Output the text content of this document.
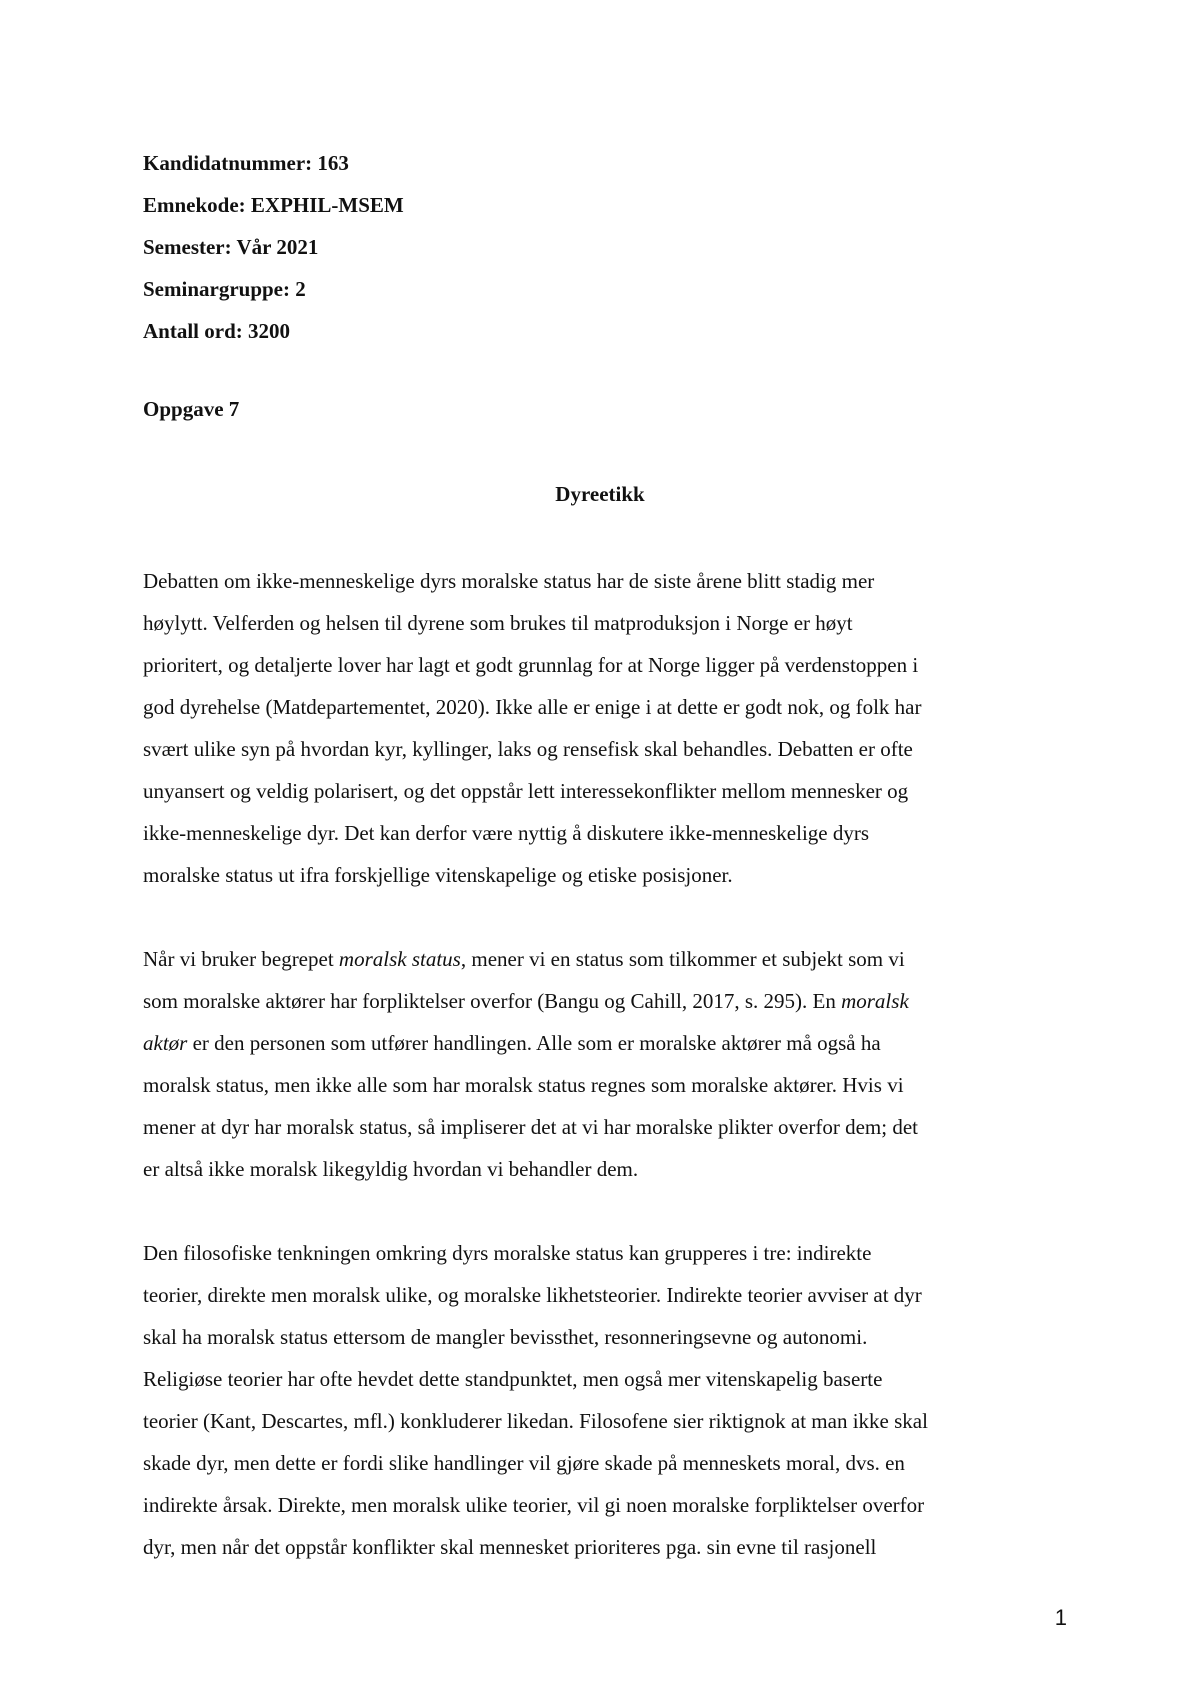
Kandidatnummer: 163
Emnekode: EXPHIL-MSEM
Semester: Vår 2021
Seminargruppe: 2
Antall ord: 3200
Oppgave 7
Dyreetikk
Debatten om ikke-menneskelige dyrs moralske status har de siste årene blitt stadig mer
høylytt. Velferden og helsen til dyrene som brukes til matproduksjon i Norge er høyt
prioritert, og detaljerte lover har lagt et godt grunnlag for at Norge ligger på verdenstoppen i
god dyrehelse (Matdepartementet, 2020). Ikke alle er enige i at dette er godt nok, og folk har
svært ulike syn på hvordan kyr, kyllinger, laks og rensefisk skal behandles. Debatten er ofte
unyansert og veldig polarisert, og det oppstår lett interessekonflikter mellom mennesker og
ikke-menneskelige dyr. Det kan derfor være nyttig å diskutere ikke-menneskelige dyrs
moralske status ut ifra forskjellige vitenskapelige og etiske posisjoner.
Når vi bruker begrepet moralsk status, mener vi en status som tilkommer et subjekt som vi
som moralske aktører har forpliktelser overfor (Bangu og Cahill, 2017, s. 295). En moralsk
aktør er den personen som utfører handlingen. Alle som er moralske aktører må også ha
moralsk status, men ikke alle som har moralsk status regnes som moralske aktører. Hvis vi
mener at dyr har moralsk status, så impliserer det at vi har moralske plikter overfor dem; det
er altså ikke moralsk likegyldig hvordan vi behandler dem.
Den filosofiske tenkningen omkring dyrs moralske status kan grupperes i tre: indirekte
teorier, direkte men moralsk ulike, og moralske likhetsteorier. Indirekte teorier avviser at dyr
skal ha moralsk status ettersom de mangler bevissthet, resonneringsevne og autonomi.
Religiøse teorier har ofte hevdet dette standpunktet, men også mer vitenskapelig baserte
teorier (Kant, Descartes, mfl.) konkluderer likedan. Filosofene sier riktignok at man ikke skal
skade dyr, men dette er fordi slike handlinger vil gjøre skade på menneskets moral, dvs. en
indirekte årsak. Direkte, men moralsk ulike teorier, vil gi noen moralske forpliktelser overfor
dyr, men når det oppstår konflikter skal mennesket prioriteres pga. sin evne til rasjonell
1
